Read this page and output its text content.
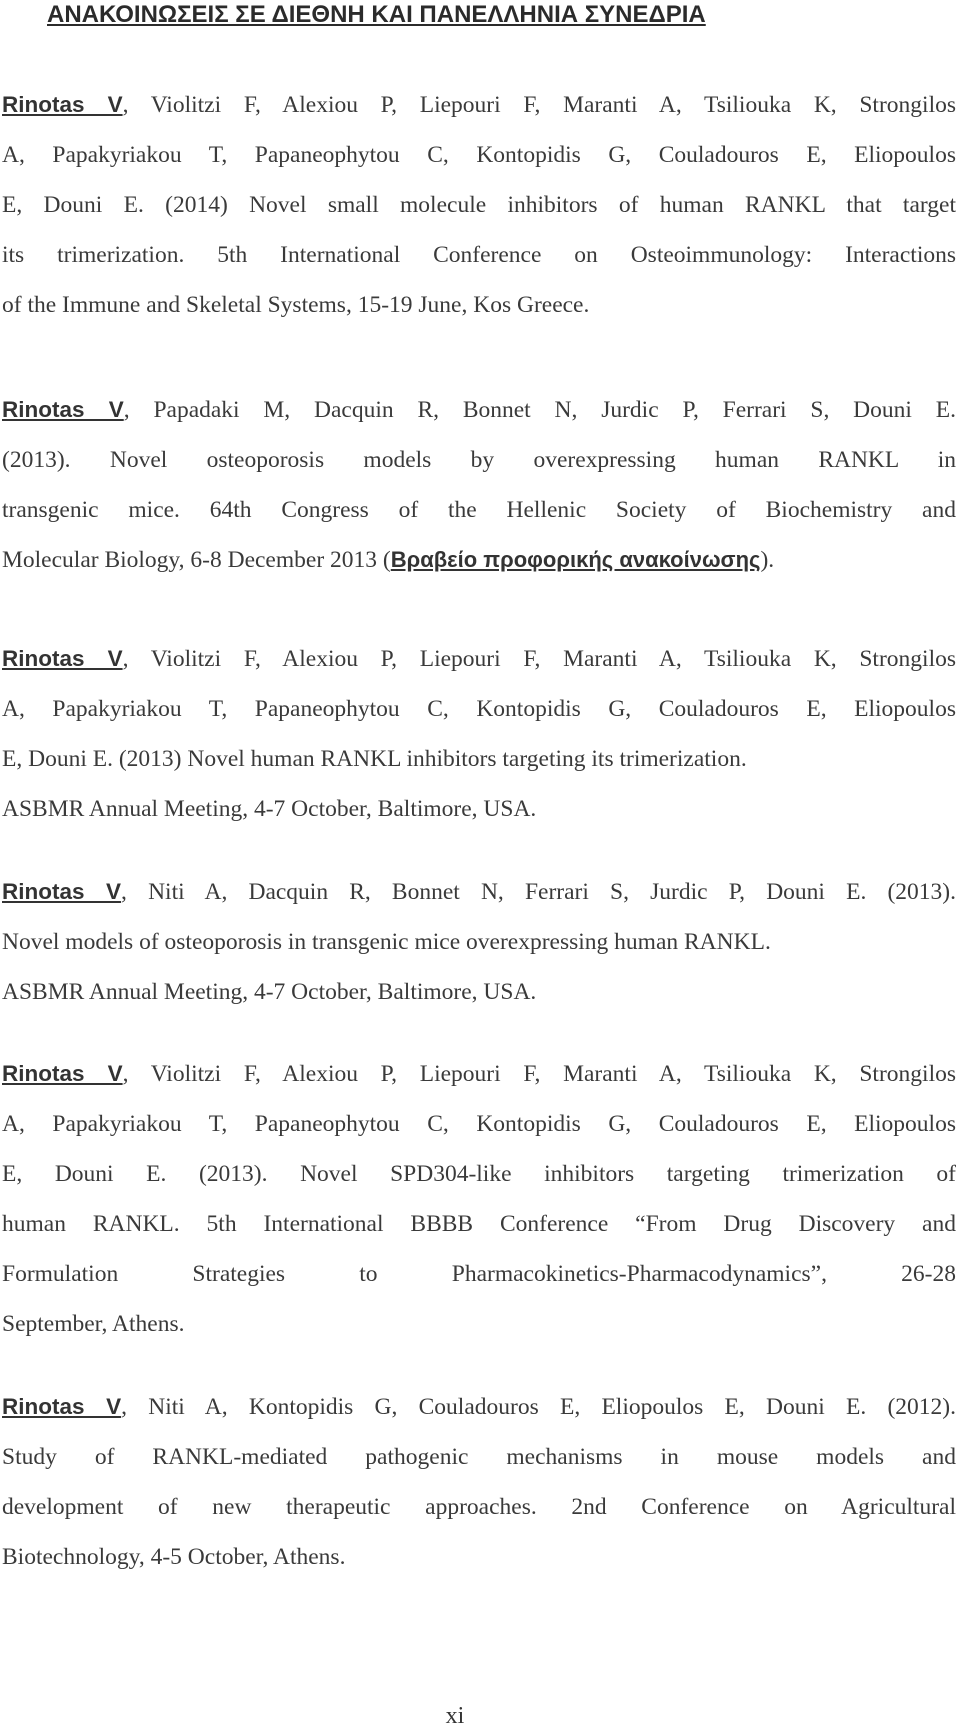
ΑΝΑΚΟΙΝΩΣΕΙΣ ΣΕ ΔΙΕΘΝΗ ΚΑΙ ΠΑΝΕΛΛΗΝΙΑ ΣΥΝΕΔΡΙΑ
Rinotas V, Violitzi F, Alexiou P, Liepouri F, Maranti A, Tsiliouka K, Strongilos
A, Papakyriakou T, Papaneophytou C, Kontopidis G, Couladouros E, Eliopoulos
E, Douni E. (2014) Novel small molecule inhibitors of human RANKL that target
its trimerization. 5th International Conference on Osteoimmunology: Interactions
of the Immune and Skeletal Systems, 15-19 June, Kos Greece.
Rinotas V, Papadaki M, Dacquin R, Bonnet N, Jurdic P, Ferrari S, Douni E.
(2013). Novel osteoporosis models by overexpressing human RANKL in
transgenic mice. 64th Congress of the Hellenic Society of Biochemistry and
Molecular Biology, 6-8 December 2013 (Βραβείο προφορικής ανακοίνωσης).
Rinotas V, Violitzi F, Alexiou P, Liepouri F, Maranti A, Tsiliouka K, Strongilos
A, Papakyriakou T, Papaneophytou C, Kontopidis G, Couladouros E, Eliopoulos
E, Douni E. (2013) Novel human RANKL inhibitors targeting its trimerization.
ASBMR Annual Meeting, 4-7 October, Baltimore, USA.
Rinotas V, Niti A, Dacquin R, Bonnet N, Ferrari S, Jurdic P, Douni E. (2013).
Novel models of osteoporosis in transgenic mice overexpressing human RANKL.
ASBMR Annual Meeting, 4-7 October, Baltimore, USA.
Rinotas V, Violitzi F, Alexiou P, Liepouri F, Maranti A, Tsiliouka K, Strongilos
A, Papakyriakou T, Papaneophytou C, Kontopidis G, Couladouros E, Eliopoulos
E, Douni E. (2013). Novel SPD304-like inhibitors targeting trimerization of
human RANKL. 5th International BBBB Conference “From Drug Discovery and
Formulation Strategies to Pharmacokinetics-Pharmacodynamics”, 26-28
September, Athens.
Rinotas V, Niti A, Kontopidis G, Couladouros E, Eliopoulos E, Douni E. (2012).
Study of RANKL-mediated pathogenic mechanisms in mouse models and
development of new therapeutic approaches. 2nd Conference on Agricultural
Biotechnology, 4-5 October, Athens.
xi
